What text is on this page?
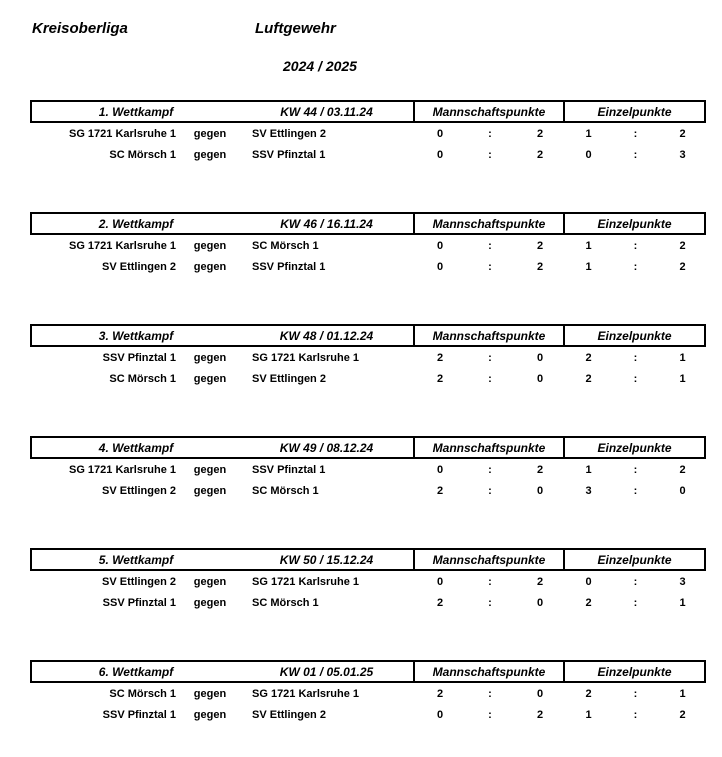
Kreisoberliga	Luftgewehr
2024 / 2025
1. Wettkampf	KW 44 / 03.11.24	Mannschaftspunkte	Einzelpunkte
SG 1721 Karlsruhe 1	gegen	SV Ettlingen 2	0	:	2	1	:	2
SC Mörsch 1	gegen	SSV Pfinztal 1	0	:	2	0	:	3
2. Wettkampf	KW 46 / 16.11.24	Mannschaftspunkte	Einzelpunkte
SG 1721 Karlsruhe 1	gegen	SC Mörsch 1	0	:	2	1	:	2
SV Ettlingen 2	gegen	SSV Pfinztal 1	0	:	2	1	:	2
3. Wettkampf	KW 48 / 01.12.24	Mannschaftspunkte	Einzelpunkte
SSV Pfinztal 1	gegen	SG 1721 Karlsruhe 1	2	:	0	2	:	1
SC Mörsch 1	gegen	SV Ettlingen 2	2	:	0	2	:	1
4. Wettkampf	KW 49 / 08.12.24	Mannschaftspunkte	Einzelpunkte
SG 1721 Karlsruhe 1	gegen	SSV Pfinztal 1	0	:	2	1	:	2
SV Ettlingen 2	gegen	SC Mörsch 1	2	:	0	3	:	0
5. Wettkampf	KW 50 / 15.12.24	Mannschaftspunkte	Einzelpunkte
SV Ettlingen 2	gegen	SG 1721 Karlsruhe 1	0	:	2	0	:	3
SSV Pfinztal 1	gegen	SC Mörsch 1	2	:	0	2	:	1
6. Wettkampf	KW 01 / 05.01.25	Mannschaftspunkte	Einzelpunkte
SC Mörsch 1	gegen	SG 1721 Karlsruhe 1	2	:	0	2	:	1
SSV Pfinztal 1	gegen	SV Ettlingen 2	0	:	2	1	:	2
